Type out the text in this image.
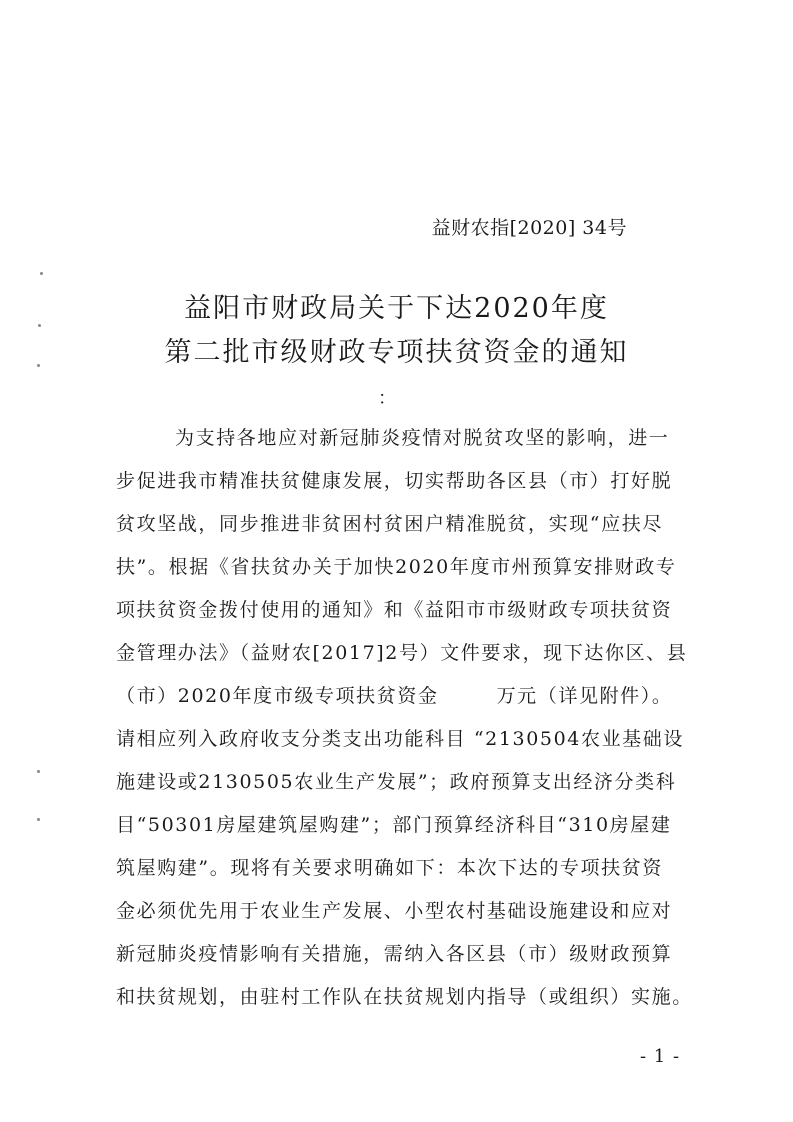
益财农指[2020] 34号
益阳市财政局关于下达2020年度
第二批市级财政专项扶贫资金的通知
：
为支持各地应对新冠肺炎疫情对脱贫攻坚的影响，进一
步促进我市精准扶贫健康发展，切实帮助各区县（市）打好脱
贫攻坚战，同步推进非贫困村贫困户精准脱贫，实现“应扶尽
扶”。根据《省扶贫办关于加快2020年度市州预算安排财政专
项扶贫资金拨付使用的通知》和《益阳市市级财政专项扶贫资
金管理办法》（益财农[2017]2号）文件要求，现下达你区、县
（市）2020年度市级专项扶贫资金	万元（详见附件）。
请相应列入政府收支分类支出功能科目 “2130504农业基础设
施建设或2130505农业生产发展”；政府预算支出经济分类科
目“50301房屋建筑屋购建”；部门预算经济科目“310房屋建
筑屋购建”。现将有关要求明确如下：本次下达的专项扶贫资
金必须优先用于农业生产发展、小型农村基础设施建设和应对
新冠肺炎疫情影响有关措施，需纳入各区县（市）级财政预算
和扶贫规划，由驻村工作队在扶贫规划内指导（或组织）实施。
- 1 -
